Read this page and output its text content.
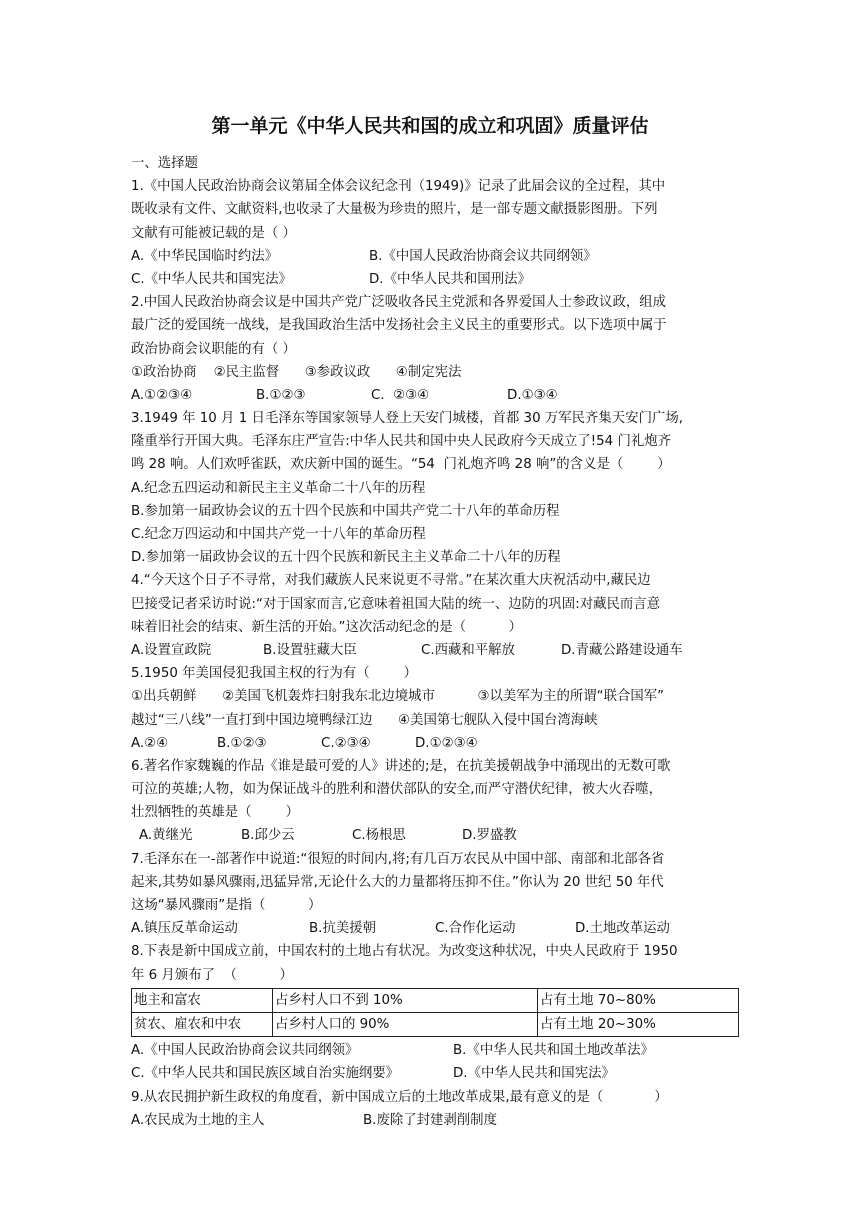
第一单元《中华人民共和国的成立和巩固》质量评估
一、选择题
1.《中国人民政治协商会议第届全体会议纪念刊（1949)》记录了此届会议的全过程，其中
既收录有文件、文献资料,也收录了大量极为珍贵的照片，是一部专题文献摄影图册。下列
文献有可能被记载的是（ ）
A.《中华民国临时约法》	B.《中国人民政治协商会议共同纲领》
C.《中华人民共和国宪法》	D.《中华人民共和国刑法》
2.中国人民政治协商会议是中国共产党广泛吸收各民主党派和各界爱国人士参政议政，组成
最广泛的爱国统一战线，是我国政治生活中发扬社会主义民主的重要形式。以下选项中属于
政治协商会议职能的有（ ）
①政治协商    ②民主监督      ③参政议政      ④制定宪法
A.①②③④	B.①②③	C.  ②③④	D.①③④
3.1949 年 10 月 1 日毛泽东等国家领导人登上天安门城楼，首都 30 万军民齐集天安门广场,
隆重举行开国大典。毛泽东庄严宣告:中华人民共和国中央人民政府今天成立了!54 门礼炮齐
鸣 28 响。人们欢呼雀跃，欢庆新中国的诞生。“54  门礼炮齐鸣 28 响”的含义是（        ）
A.纪念五四运动和新民主主义革命二十八年的历程
B.参加第一届政协会议的五十四个民族和中国共产党二十八年的革命历程
C.纪念万四运动和中国共产党一十八年的革命历程
D.参加第一届政协会议的五十四个民族和新民主主义革命二十八年的历程
4.“今天这个日子不寻常，对我们藏族人民来说更不寻常。”在某次重大庆祝活动中,藏民边
巴接受记者采访时说:“对于国家而言,它意味着祖国大陆的统一、边防的巩固:对藏民而言意
味着旧社会的结束、新生活的开始。”这次活动纪念的是（          ）
A.设置宣政院	B.设置驻藏大臣	C.西藏和平解放	D.青藏公路建设通车
5.1950 年美国侵犯我国主权的行为有（        ）
①出兵朝鲜      ②美国飞机轰炸扫射我东北边境城市          ③以美军为主的所谓“联合国军”
越过“三八线”一直打到中国边境鸭绿江边      ④美国第七舰队入侵中国台湾海峡
A.②④	B.①②③	C.②③④	D.①②③④
6.著名作家魏巍的作品《谁是最可爱的人》讲述的;是，在抗美援朝战争中涌现出的无数可歌
可泣的英雄;人物，如为保证战斗的胜利和潜伏部队的安全,而严守潜伏纪律，被大火吞噬，
壮烈牺牲的英雄是（        ）
A.黄继光	B.邱少云	C.杨根思	D.罗盛教
7.毛泽东在一-部著作中说道:“很短的时间内,将;有几百万农民从中国中部、南部和北部各省
起来,其势如暴风骤雨,迅猛异常,无论什么大的力量都将压抑不住。”你认为 20 世纪 50 年代
这场“暴风骤雨”是指（          ）
A.镇压反革命运动	B.抗美援朝	C.合作化运动	D.土地改革运动
8.下表是新中国成立前，中国农村的土地占有状况。为改变这种状况，中央人民政府于 1950
年 6 月颁布了  （          ）
地主和富农	占乡村人口不到 10%	占有土地 70~80%
贫农、雇农和中农	占乡村人口的 90%	占有土地 20~30%
A.《中国人民政治协商会议共同纲领》	B.《中华人民共和国土地改革法》
C.《中华人民共和国民族区域自治实施纲要》	D.《中华人民共和国宪法》
9.从农民拥护新生政权的角度看，新中国成立后的土地改革成果,最有意义的是（            ）
A.农民成为土地的主人	B.废除了封建剥削制度
